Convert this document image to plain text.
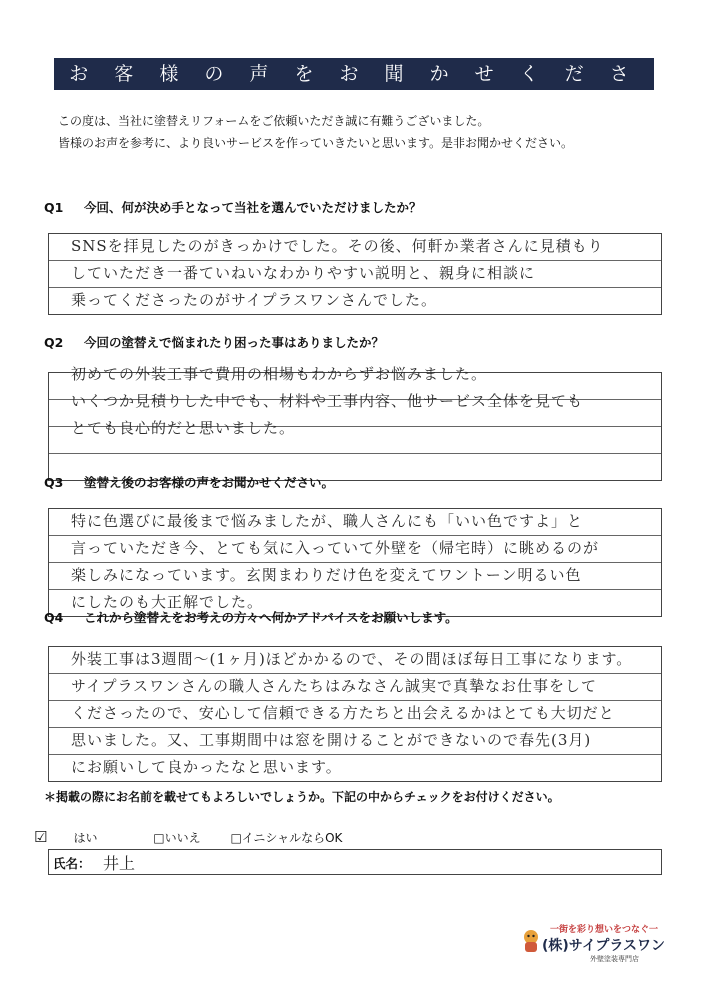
お 客 様 の 声 を お 聞 か せ く だ さ い
この度は、当社に塗替えリフォームをご依頼いただき誠に有難うございました。
皆様のお声を参考に、より良いサービスを作っていきたいと思います。是非お聞かせください。
Q1 今回、何が決め手となって当社を選んでいただけましたか？
SNSを拝見したのがきっかけでした。その後、何軒か業者さんに見積もり
していただき一番ていねいなわかりやすい説明と、親身に相談に
乗ってくださったのがサイプラスワンさんでした。
Q2 今回の塗替えで悩まれたり困った事はありましたか？
初めての外装工事で費用の相場もわからずお悩みました。
いくつか見積りした中でも、材料や工事内容、他サービス全体を見ても
とても良心的だと思いました。
Q3 塗替え後のお客様の声をお聞かせください。
特に色選びに最後まで悩みましたが、職人さんにも「いい色ですよ」と
言っていただき今、とても気に入っていて外壁を（帰宅時）に眺めるのが
楽しみになっています。玄関まわりだけ色を変えてワントーン明るい色
にしたのも大正解でした。
Q4 これから塗替えをお考えの方々へ何かアドバイスをお願いします。
外装工事は3週間～(1ヶ月)ほどかかるので、その間ほぼ毎日工事になります。
サイプラスワンさんの職人さんたちはみなさん誠実で真摯なお仕事をして
くださったので、安心して信頼できる方たちと出会えるかはとても大切だと
思いました。又、工事期間中は窓を開けることができないので春先(3月)
にお願いして良かったなと思います。
＊掲載の際にお名前を載せてもよろしいでしょうか。下記の中からチェックをお付けください。
☑ はい	□いいえ □イニシャルならOK
氏名： 井上
一街を彩り想いをつなぐ一
(株)サイプラスワン
外壁塗装専門店
